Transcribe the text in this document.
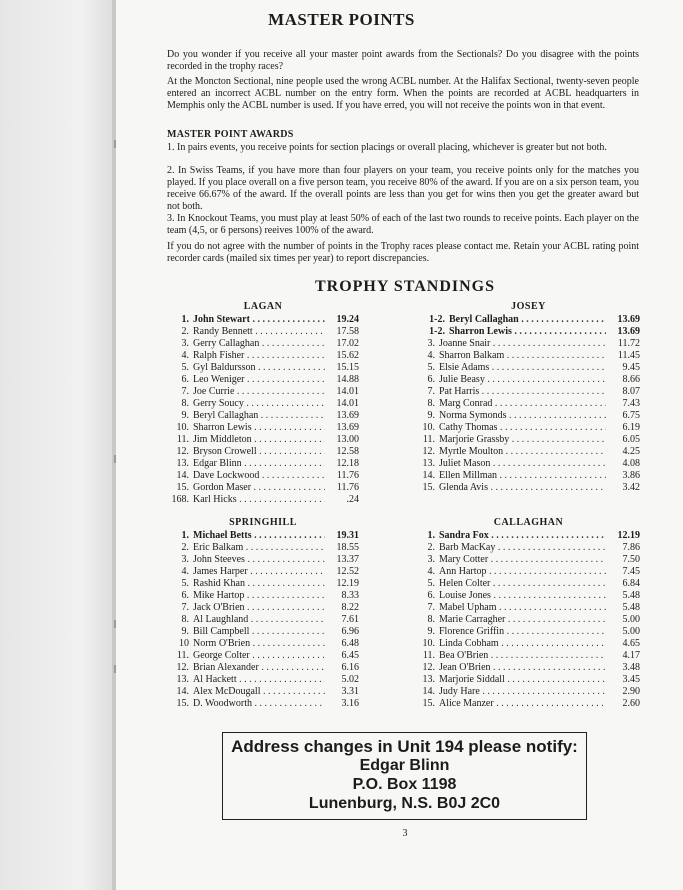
MASTER POINTS
Do you wonder if you receive all your master point awards from the Sectionals? Do you disagree with the points recorded in the trophy races?
At the Moncton Sectional, nine people used the wrong ACBL number. At the Halifax Sectional, twenty-seven people entered an incorrect ACBL number on the entry form. When the points are recorded at ACBL headquarters in Memphis only the ACBL number is used. If you have erred, you will not receive the points won in that event.
MASTER POINT AWARDS
1. In pairs events, you receive points for section placings or overall placing, whichever is greater but not both.
2. In Swiss Teams, if you have more than four players on your team, you receive points only for the matches you played. If you place overall on a five person team, you receive 80% of the award. If you are on a six person team, you receive 66.67% of the award. If the overall points are less than you get for wins then you get the greater award but not both.
3. In Knockout Teams, you must play at least 50% of each of the last two rounds to receive points. Each player on the team (4,5, or 6 persons) reeives 100% of the award.
If you do not agree with the number of points in the Trophy races please contact me. Retain your ACBL rating point recorder cards (mailed six times per year) to report discrepancies.
TROPHY STANDINGS
LAGAN
1. John Stewart . . .	19.24
2. Randy Bennett . . .	17.58
3. Gerry Callaghan . . .	17.02
4. Ralph Fisher . . .	15.62
5. Gyl Baldursson . . .	15.15
6. Leo Weniger . . .	14.88
7. Joe Currie . . .	14.01
8. Gerry Soucy . . .	14.01
9. Beryl Callaghan . . .	13.69
10. Sharron Lewis . . .	13.69
11. Jim Middleton . . .	13.00
12. Bryson Crowell . . .	12.58
13. Edgar Blinn . . .	12.18
14. Dave Lockwood . . .	11.76
15. Gordon Maser . . .	11.76
168. Karl Hicks . . .	.24
JOSEY
1-2. Beryl Callaghan . . .	13.69
1-2. Sharron Lewis . . .	13.69
3. Joanne Snair . . .	11.72
4. Sharron Balkam . . .	11.45
5. Elsie Adams . . .	9.45
6. Julie Beasy . . .	8.66
7. Pat Harris . . .	8.07
8. Marg Conrad . . .	7.43
9. Norma Symonds . . .	6.75
10. Cathy Thomas . . .	6.19
11. Marjorie Grassby . . .	6.05
12. Myrtle Moulton . . .	4.25
13. Juliet Mason . . .	4.08
14. Ellen Millman . . .	3.86
15. Glenda Avis . . .	3.42
SPRINGHILL
1. Michael Betts . . .	19.31
2. Eric Balkam . . .	18.55
3. John Steeves . . .	13.37
4. James Harper . . .	12.52
5. Rashid Khan . . .	12.19
6. Mike Hartop . . .	8.33
7. Jack O'Brien . . .	8.22
8. Al Laughland . . .	7.61
9. Bill Campbell . . .	6.96
10 Norm O'Brien . . .	6.48
11. George Colter . . .	6.45
12. Brian Alexander . . .	6.16
13. Al Hackett . . .	5.02
14. Alex McDougall . . .	3.31
15. D. Woodworth . . .	3.16
CALLAGHAN
1. Sandra Fox . . .	12.19
2. Barb MacKay . . .	7.86
3. Mary Cotter . . .	7.50
4. Ann Hartop . . .	7.45
5. Helen Colter . . .	6.84
6. Louise Jones . . .	5.48
7. Mabel Upham . . .	5.48
8. Marie Carragher . . .	5.00
9. Florence Griffin . . .	5.00
10. Linda Cobham . . .	4.65
11. Bea O'Brien . . .	4.17
12. Jean O'Brien . . .	3.48
13. Marjorie Siddall . . .	3.45
14. Judy Hare . . .	2.90
15. Alice Manzer . . .	2.60
Address changes in Unit 194 please notify:
Edgar Blinn
P.O. Box 1198
Lunenburg, N.S. B0J 2C0
3
